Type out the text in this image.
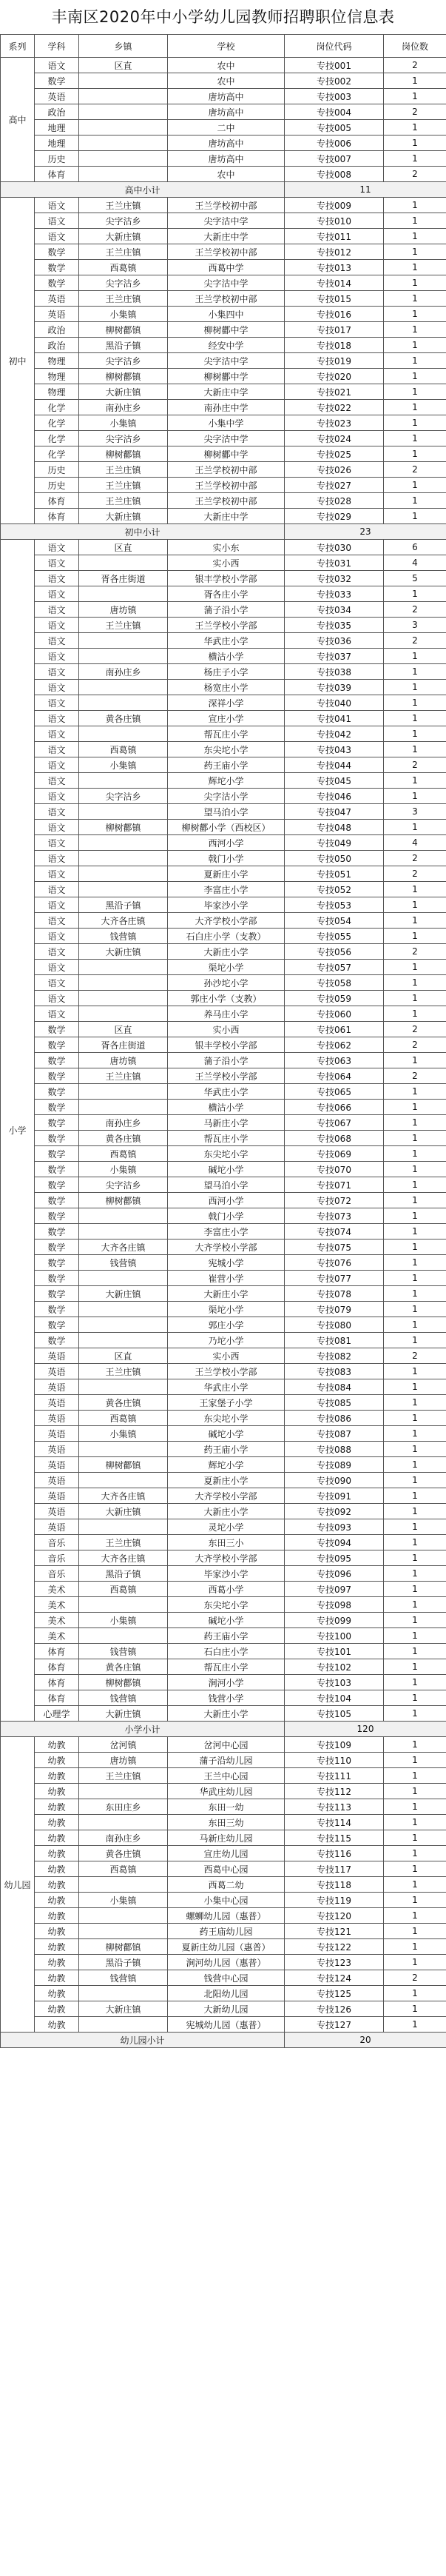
丰南区2020年中小学幼儿园教师招聘职位信息表
系列	学科	乡镇	学校	岗位代码	岗位数
高中	语文	区直	农中	专技001	2
	数学		农中	专技002	1
	英语		唐坊高中	专技003	1
	政治		唐坊高中	专技004	2
	地理		二中	专技005	1
	地理		唐坊高中	专技006	1
	历史		唐坊高中	专技007	1
	体育		农中	专技008	2
高中小计				11	
初中	语文	王兰庄镇	王兰学校初中部	专技009	1
	语文	尖字沽乡	尖字沽中学	专技010	1
	语文	大新庄镇	大新庄中学	专技011	1
	数学	王兰庄镇	王兰学校初中部	专技012	1
	数学	西葛镇	西葛中学	专技013	1
	数学	尖字沽乡	尖字沽中学	专技014	1
	英语	王兰庄镇	王兰学校初中部	专技015	1
	英语	小集镇	小集四中	专技016	1
	政治	柳树酄镇	柳树酄中学	专技017	1
	政治	黑沿子镇	经安中学	专技018	1
	物理	尖字沽乡	尖字沽中学	专技019	1
	物理	柳树酄镇	柳树酄中学	专技020	1
	物理	大新庄镇	大新庄中学	专技021	1
	化学	南孙庄乡	南孙庄中学	专技022	1
	化学	小集镇	小集中学	专技023	1
	化学	尖字沽乡	尖字沽中学	专技024	1
	化学	柳树酄镇	柳树酄中学	专技025	1
	历史	王兰庄镇	王兰学校初中部	专技026	2
	历史	王兰庄镇	王兰学校初中部	专技027	1
	体育	王兰庄镇	王兰学校初中部	专技028	1
	体育	大新庄镇	大新庄中学	专技029	1
初中小计				23	
小学	语文	区直	实小东	专技030	6
	语文		实小西	专技031	4
	语文	胥各庄街道	银丰学校小学部	专技032	5
	语文		胥各庄小学	专技033	1
	语文	唐坊镇	蒲子沿小学	专技034	2
	语文	王兰庄镇	王兰学校小学部	专技035	3
	语文		华武庄小学	专技036	2
	语文		横沽小学	专技037	1
	语文	南孙庄乡	杨庄子小学	专技038	1
	语文		杨宽庄小学	专技039	1
	语文		深祥小学	专技040	1
	语文	黄各庄镇	宣庄小学	专技041	1
	语文		帮瓦庄小学	专技042	1
	语文	西葛镇	东尖坨小学	专技043	1
	语文	小集镇	药王庙小学	专技044	2
	语文		辉坨小学	专技045	1
	语文	尖字沽乡	尖字沽小学	专技046	1
	语文		望马泊小学	专技047	3
	语文	柳树酄镇	柳树酄小学（西校区）	专技048	1
	语文		西河小学	专技049	4
	语文		戟门小学	专技050	2
	语文		夏新庄小学	专技051	2
	语文		李富庄小学	专技052	1
	语文	黑沿子镇	毕家沙小学	专技053	1
	语文	大齐各庄镇	大齐学校小学部	专技054	1
	语文	钱营镇	石白庄小学（支教）	专技055	1
	语文	大新庄镇	大新庄小学	专技056	2
	语文		渠坨小学	专技057	1
	语文		孙沙坨小学	专技058	1
	语文		郭庄小学（支教）	专技059	1
	语文		养马庄小学	专技060	1
	数学	区直	实小西	专技061	2
	数学	胥各庄街道	银丰学校小学部	专技062	2
	数学	唐坊镇	蒲子沿小学	专技063	1
	数学	王兰庄镇	王兰学校小学部	专技064	2
	数学		华武庄小学	专技065	1
	数学		横沽小学	专技066	1
	数学	南孙庄乡	马新庄小学	专技067	1
	数学	黄各庄镇	帮瓦庄小学	专技068	1
	数学	西葛镇	东尖坨小学	专技069	1
	数学	小集镇	碱坨小学	专技070	1
	数学	尖字沽乡	望马泊小学	专技071	1
	数学	柳树酄镇	西河小学	专技072	1
	数学		戟门小学	专技073	1
	数学		李富庄小学	专技074	1
	数学	大齐各庄镇	大齐学校小学部	专技075	1
	数学	钱营镇	宪城小学	专技076	1
	数学		崔营小学	专技077	1
	数学	大新庄镇	大新庄小学	专技078	1
	数学		渠坨小学	专技079	1
	数学		郭庄小学	专技080	1
	数学		乃坨小学	专技081	1
	英语	区直	实小西	专技082	2
	英语	王兰庄镇	王兰学校小学部	专技083	1
	英语		华武庄小学	专技084	1
	英语	黄各庄镇	王家堡子小学	专技085	1
	英语	西葛镇	东尖坨小学	专技086	1
	英语	小集镇	碱坨小学	专技087	1
	英语		药王庙小学	专技088	1
	英语	柳树酄镇	辉坨小学	专技089	1
	英语		夏新庄小学	专技090	1
	英语	大齐各庄镇	大齐学校小学部	专技091	1
	英语	大新庄镇	大新庄小学	专技092	1
	英语		灵坨小学	专技093	1
	音乐	王兰庄镇	东田三小	专技094	1
	音乐	大齐各庄镇	大齐学校小学部	专技095	1
	音乐	黑沿子镇	毕家沙小学	专技096	1
	美术	西葛镇	西葛小学	专技097	1
	美术		东尖坨小学	专技098	1
	美术	小集镇	碱坨小学	专技099	1
	美术		药王庙小学	专技100	1
	体育	钱营镇	石白庄小学	专技101	1
	体育	黄各庄镇	帮瓦庄小学	专技102	1
	体育	柳树酄镇	涧河小学	专技103	1
	体育	钱营镇	钱营小学	专技104	1
	心理学	大新庄镇	大新庄小学	专技105	1
小学小计				120	
幼儿园	幼教	岔河镇	岔河中心园	专技109	1
	幼教	唐坊镇	蒲子沿幼儿园	专技110	1
	幼教	王兰庄镇	王兰中心园	专技111	1
	幼教		华武庄幼儿园	专技112	1
	幼教	东田庄乡	东田一幼	专技113	1
	幼教		东田三幼	专技114	1
	幼教	南孙庄乡	马新庄幼儿园	专技115	1
	幼教	黄各庄镇	宣庄幼儿园	专技116	1
	幼教	西葛镇	西葛中心园	专技117	1
	幼教		西葛二幼	专技118	1
	幼教	小集镇	小集中心园	专技119	1
	幼教		螺蛳幼儿园（惠普）	专技120	1
	幼教		药王庙幼儿园	专技121	1
	幼教	柳树酄镇	夏新庄幼儿园（惠普）	专技122	1
	幼教	黑沿子镇	涧河幼儿园（惠普）	专技123	1
	幼教	钱营镇	钱营中心园	专技124	2
	幼教		北阳幼儿园	专技125	1
	幼教	大新庄镇	大新幼儿园	专技126	1
	幼教		宪城幼儿园（惠普）	专技127	1
幼儿园小计				20	
